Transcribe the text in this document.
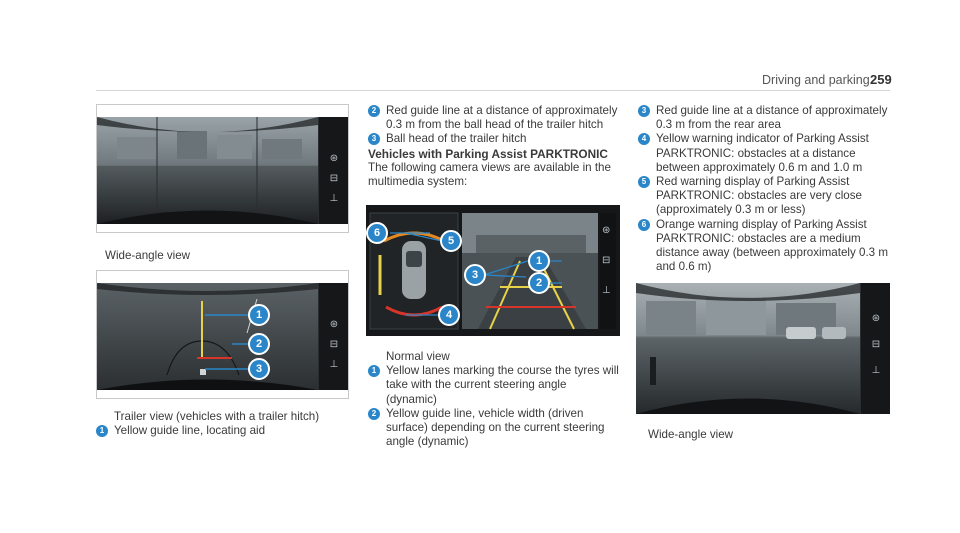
Driving and parking 259
⊛
⊟
⊥
Wide-angle view
⊛
⊟
⊥
1
2
3

Trailer view (vehicles with a trailer hitch)

1 Yellow guide line, locating aid

2 Red guide line at a distance of approximately 0.3 m from the ball head of the trailer hitch

3 Ball head of the trailer hitch

Vehicles with Parking Assist PARKTRONIC

The following camera views are available in the multimedia system:

⊛
⊟
⊥
6
4
5
1
3
2

Normal view

1 Yellow lanes marking the course the tyres will take with the current steering angle (dynamic)

2 Yellow guide line, vehicle width (driven surface) depending on the current steering angle (dynamic)

3 Red guide line at a distance of approximately 0.3 m from the rear area

4 Yellow warning indicator of Parking Assist PARKTRONIC: obstacles at a distance between approximately 0.6 m and 1.0 m

5 Red warning display of Parking Assist PARKTRONIC: obstacles are very close (approximately 0.3 m or less)

6 Orange warning display of Parking Assist PARKTRONIC: obstacles are a medium distance away (between approximately 0.3 m and 0.6 m)

⊛
⊟
⊥
Wide-angle view
